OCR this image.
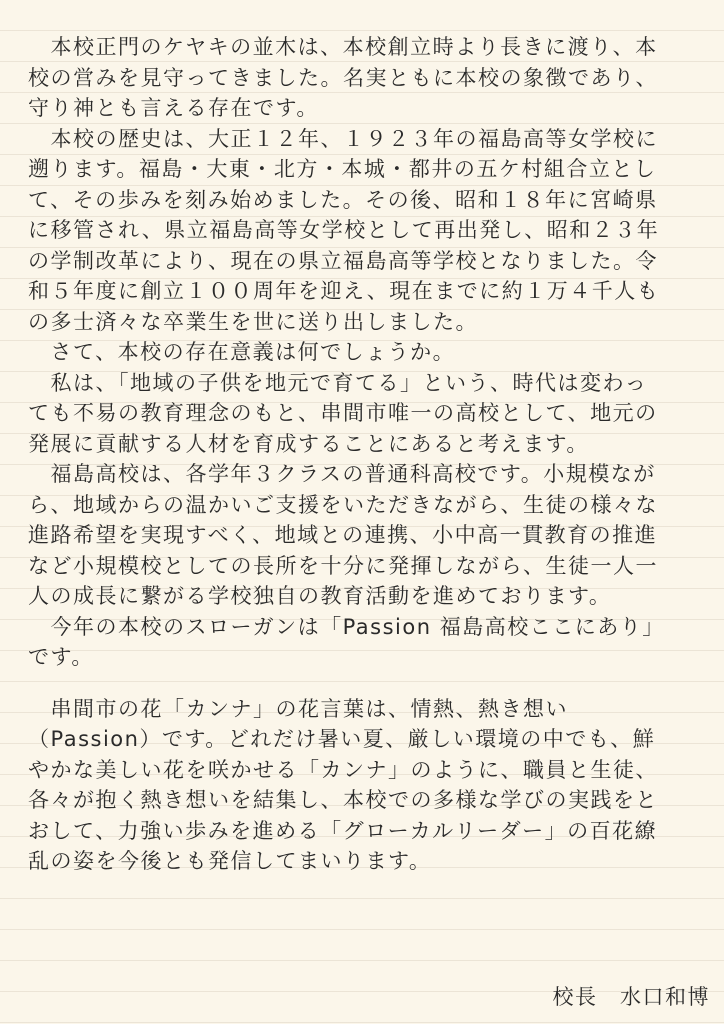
　本校正門のケヤキの並木は、本校創立時より長きに渡り、本
校の営みを見守ってきました。名実ともに本校の象徴であり、
守り神とも言える存在です。
　本校の歴史は、大正１２年、１９２３年の福島高等女学校に
遡ります。福島・大東・北方・本城・都井の五ケ村組合立とし
て、その歩みを刻み始めました。その後、昭和１８年に宮崎県
に移管され、県立福島高等女学校として再出発し、昭和２３年
の学制改革により、現在の県立福島高等学校となりました。令
和５年度に創立１００周年を迎え、現在までに約１万４千人も
の多士済々な卒業生を世に送り出しました。
　さて、本校の存在意義は何でしょうか。
　私は、「地域の子供を地元で育てる」という、時代は変わっ
ても不易の教育理念のもと、串間市唯一の高校として、地元の
発展に貢献する人材を育成することにあると考えます。
　福島高校は、各学年３クラスの普通科高校です。小規模なが
ら、地域からの温かいご支援をいただきながら、生徒の様々な
進路希望を実現すべく、地域との連携、小中高一貫教育の推進
など小規模校としての長所を十分に発揮しながら、生徒一人一
人の成長に繋がる学校独自の教育活動を進めております。
　今年の本校のスローガンは「Passion 福島高校ここにあり」
です。
　串間市の花「カンナ」の花言葉は、情熱、熱き想い
（Passion）です。どれだけ暑い夏、厳しい環境の中でも、鮮
やかな美しい花を咲かせる「カンナ」のように、職員と生徒、
各々が抱く熱き想いを結集し、本校での多様な学びの実践をと
おして、力強い歩みを進める「グローカルリーダー」の百花繚
乱の姿を今後とも発信してまいります。
校長　水口和博
